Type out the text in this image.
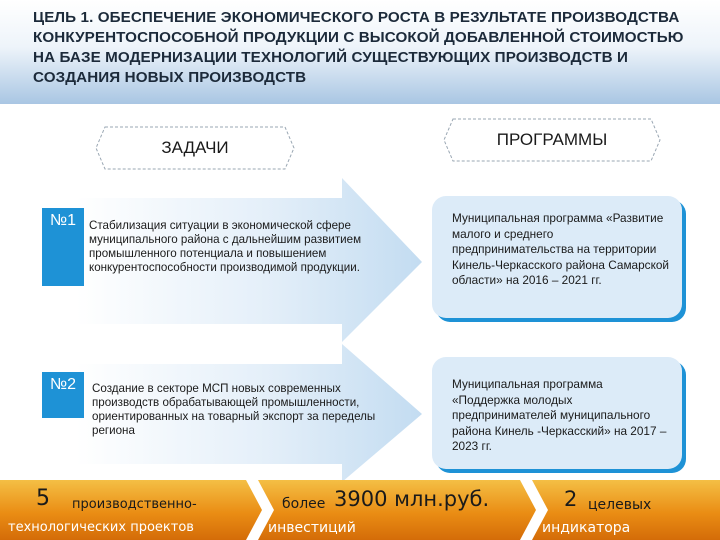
ЦЕЛЬ 1. ОБЕСПЕЧЕНИЕ ЭКОНОМИЧЕСКОГО РОСТА В РЕЗУЛЬТАТЕ ПРОИЗВОДСТВА КОНКУРЕНТОСПОСОБНОЙ ПРОДУКЦИИ С ВЫСОКОЙ ДОБАВЛЕННОЙ СТОИМОСТЬЮ НА БАЗЕ МОДЕРНИЗАЦИИ ТЕХНОЛОГИЙ СУЩЕСТВУЮЩИХ ПРОИЗВОДСТВ И СОЗДАНИЯ НОВЫХ ПРОИЗВОДСТВ
ЗАДАЧИ	ПРОГРАММЫ
№1	Стабилизация ситуации в экономической сфере муниципального района с дальнейшим развитием промышленного потенциала и повышением конкурентоспособности производимой продукции.
№2	Создание в секторе МСП новых современных производств обрабатывающей промышленности, ориентированных на товарный экспорт за переделы региона
Муниципальная программа «Развитие малого и среднего предпринимательства на территории Кинель-Черкасского района Самарской области» на 2016 – 2021 гг.
Муниципальная программа «Поддержка молодых предпринимателей муниципального района Кинель -Черкасский» на 2017 – 2023 гг.
5 производственно-
технологических проектов
более 3900 млн.руб.
инвестиций
2 целевых
индикатора
